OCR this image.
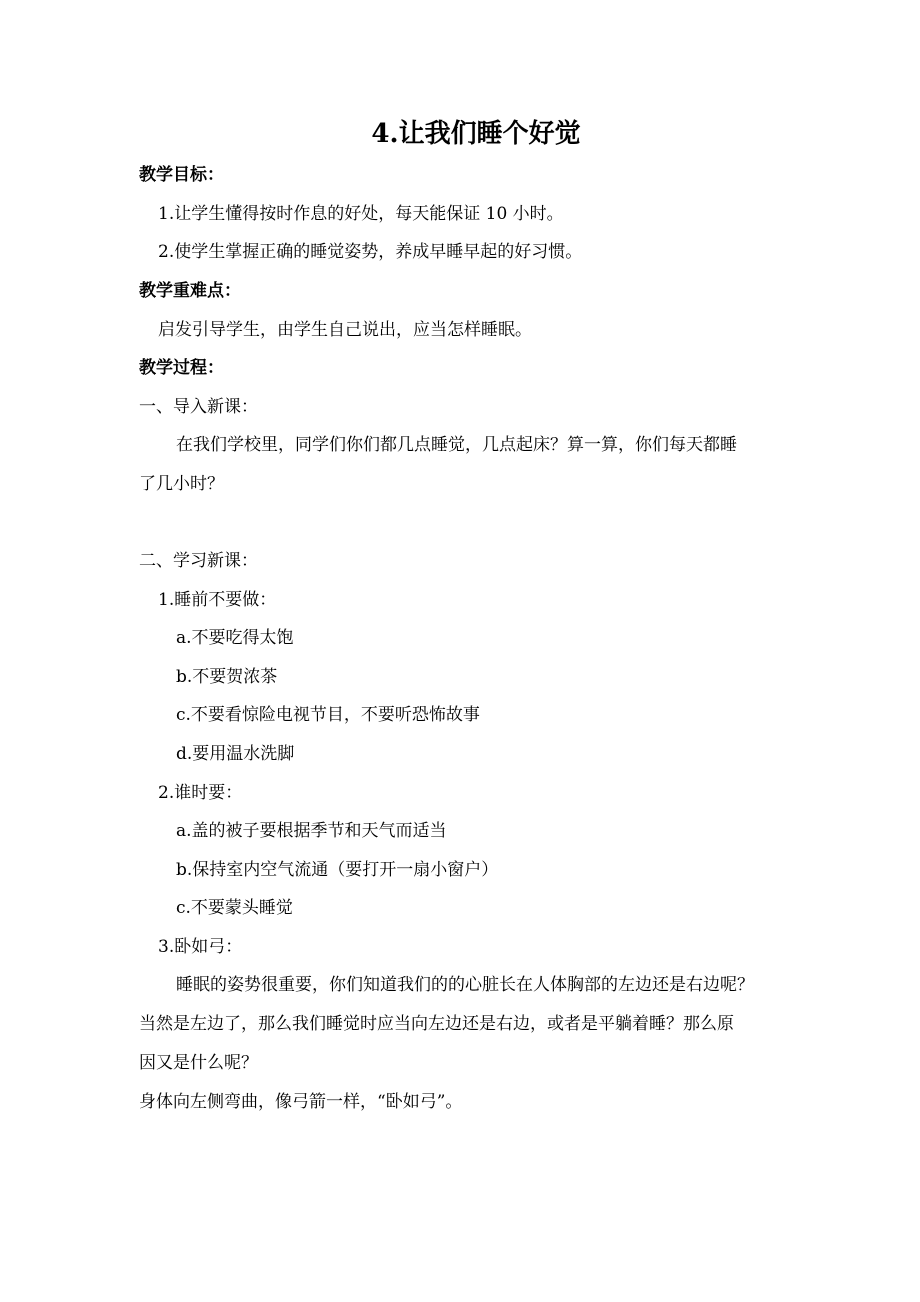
4.让我们睡个好觉
教学目标：
1.让学生懂得按时作息的好处，每天能保证 10 小时。
2.使学生掌握正确的睡觉姿势，养成早睡早起的好习惯。
教学重难点：
启发引导学生，由学生自己说出，应当怎样睡眠。
教学过程：
一、导入新课：
在我们学校里，同学们你们都几点睡觉，几点起床？算一算，你们每天都睡
了几小时？
二、学习新课：
1.睡前不要做：
a.不要吃得太饱
b.不要贺浓茶
c.不要看惊险电视节目，不要听恐怖故事
d.要用温水洗脚
2.谁时要：
a.盖的被子要根据季节和天气而适当
b.保持室内空气流通（要打开一扇小窗户）
c.不要蒙头睡觉
3.卧如弓：
睡眠的姿势很重要，你们知道我们的的心脏长在人体胸部的左边还是右边呢？
当然是左边了，那么我们睡觉时应当向左边还是右边，或者是平躺着睡？那么原
因又是什么呢？
身体向左侧弯曲，像弓箭一样，“卧如弓”。
